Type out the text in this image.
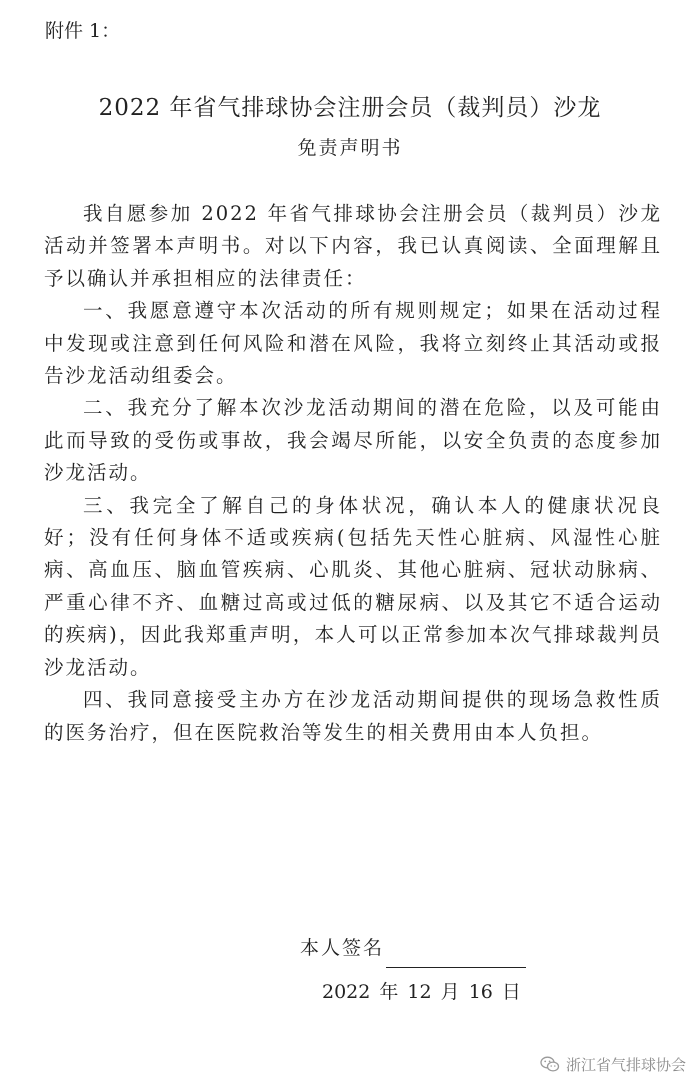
附件 1：
2022 年省气排球协会注册会员（裁判员）沙龙
免责声明书

我自愿参加 2022 年省气排球协会注册会员（裁判员）沙龙活动并签署本声明书。对以下内容，我已认真阅读、全面理解且予以确认并承担相应的法律责任：

一、我愿意遵守本次活动的所有规则规定；如果在活动过程中发现或注意到任何风险和潜在风险，我将立刻终止其活动或报告沙龙活动组委会。

二、我充分了解本次沙龙活动期间的潜在危险，以及可能由此而导致的受伤或事故，我会竭尽所能，以安全负责的态度参加沙龙活动。

三、我完全了解自己的身体状况，确认本人的健康状况良好；没有任何身体不适或疾病(包括先天性心脏病、风湿性心脏病、高血压、脑血管疾病、心肌炎、其他心脏病、冠状动脉病、严重心律不齐、血糖过高或过低的糖尿病、以及其它不适合运动的疾病)，因此我郑重声明，本人可以正常参加本次气排球裁判员沙龙活动。

四、我同意接受主办方在沙龙活动期间提供的现场急救性质的医务治疗，但在医院救治等发生的相关费用由本人负担。

本人签名
2022 年 12 月 16 日
浙江省气排球协会
